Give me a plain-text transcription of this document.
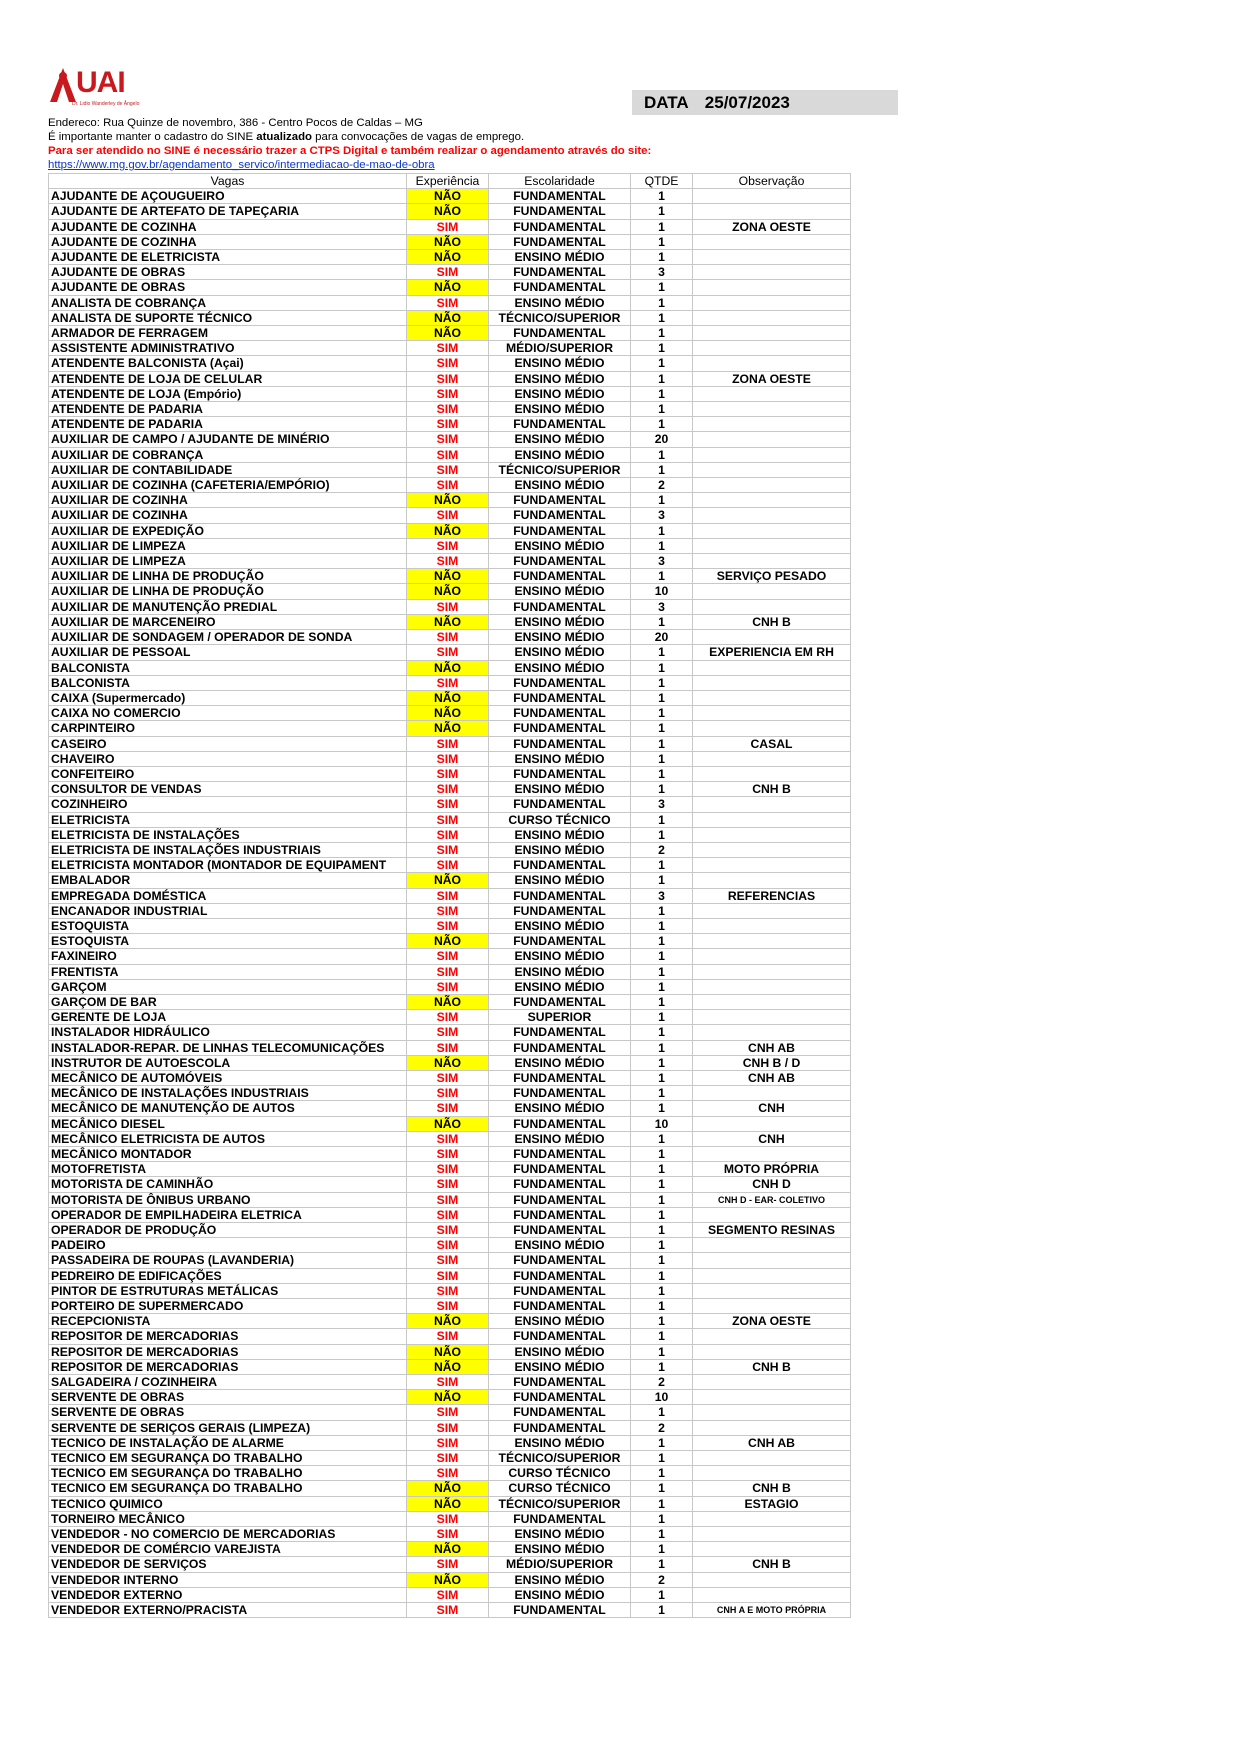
UAI
Dr. Lidio Wanderley de Ângelo	DATA 25/07/2023
Endereco: Rua Quinze de novembro, 386 - Centro Pocos de Caldas – MG
É importante manter o cadastro do SINE atualizado para convocações de vagas de emprego.
Para ser atendido no SINE é necessário trazer a CTPS Digital e também realizar o agendamento através do site:
https://www.mg.gov.br/agendamento_servico/intermediacao-de-mao-de-obra
Vagas	Experiência	Escolaridade	QTDE	Observação
AJUDANTE DE AÇOUGUEIRO	NÃO	FUNDAMENTAL	1	
AJUDANTE DE ARTEFATO DE TAPEÇARIA	NÃO	FUNDAMENTAL	1	
AJUDANTE DE COZINHA	SIM	FUNDAMENTAL	1	ZONA OESTE
AJUDANTE DE COZINHA	NÃO	FUNDAMENTAL	1	
AJUDANTE DE ELETRICISTA	NÃO	ENSINO MÉDIO	1	
AJUDANTE DE OBRAS	SIM	FUNDAMENTAL	3	
AJUDANTE DE OBRAS	NÃO	FUNDAMENTAL	1	
ANALISTA DE COBRANÇA	SIM	ENSINO MÉDIO	1	
ANALISTA DE SUPORTE TÉCNICO	NÃO	TÉCNICO/SUPERIOR	1	
ARMADOR DE FERRAGEM	NÃO	FUNDAMENTAL	1	
ASSISTENTE ADMINISTRATIVO	SIM	MÉDIO/SUPERIOR	1	
ATENDENTE BALCONISTA (Açai)	SIM	ENSINO MÉDIO	1	
ATENDENTE DE LOJA DE CELULAR	SIM	ENSINO MÉDIO	1	ZONA OESTE
ATENDENTE DE LOJA (Empório)	SIM	ENSINO MÉDIO	1	
ATENDENTE DE PADARIA	SIM	ENSINO MÉDIO	1	
ATENDENTE DE PADARIA	SIM	FUNDAMENTAL	1	
AUXILIAR DE CAMPO / AJUDANTE DE MINÉRIO	SIM	ENSINO MÉDIO	20	
AUXILIAR DE COBRANÇA	SIM	ENSINO MÉDIO	1	
AUXILIAR DE CONTABILIDADE	SIM	TÉCNICO/SUPERIOR	1	
AUXILIAR DE COZINHA (CAFETERIA/EMPÓRIO)	SIM	ENSINO MÉDIO	2	
AUXILIAR DE COZINHA	NÃO	FUNDAMENTAL	1	
AUXILIAR DE COZINHA	SIM	FUNDAMENTAL	3	
AUXILIAR DE EXPEDIÇÃO	NÃO	FUNDAMENTAL	1	
AUXILIAR DE LIMPEZA	SIM	ENSINO MÉDIO	1	
AUXILIAR DE LIMPEZA	SIM	FUNDAMENTAL	3	
AUXILIAR DE LINHA DE PRODUÇÃO	NÃO	FUNDAMENTAL	1	SERVIÇO PESADO
AUXILIAR DE LINHA DE PRODUÇÃO	NÃO	ENSINO MÉDIO	10	
AUXILIAR DE MANUTENÇÃO PREDIAL	SIM	FUNDAMENTAL	3	
AUXILIAR DE MARCENEIRO	NÃO	ENSINO MÉDIO	1	CNH B
AUXILIAR DE SONDAGEM / OPERADOR DE SONDA	SIM	ENSINO MÉDIO	20	
AUXILIAR DE PESSOAL	SIM	ENSINO MÉDIO	1	EXPERIENCIA EM RH
BALCONISTA	NÃO	ENSINO MÉDIO	1	
BALCONISTA	SIM	FUNDAMENTAL	1	
CAIXA (Supermercado)	NÃO	FUNDAMENTAL	1	
CAIXA NO COMERCIO	NÃO	FUNDAMENTAL	1	
CARPINTEIRO	NÃO	FUNDAMENTAL	1	
CASEIRO	SIM	FUNDAMENTAL	1	CASAL
CHAVEIRO	SIM	ENSINO MÉDIO	1	
CONFEITEIRO	SIM	FUNDAMENTAL	1	
CONSULTOR DE VENDAS	SIM	ENSINO MÉDIO	1	CNH B
COZINHEIRO	SIM	FUNDAMENTAL	3	
ELETRICISTA	SIM	CURSO TÉCNICO	1	
ELETRICISTA DE INSTALAÇÕES	SIM	ENSINO MÉDIO	1	
ELETRICISTA DE INSTALAÇÕES INDUSTRIAIS	SIM	ENSINO MÉDIO	2	
ELETRICISTA MONTADOR (MONTADOR DE EQUIPAMENT	SIM	FUNDAMENTAL	1	
EMBALADOR	NÃO	ENSINO MÉDIO	1	
EMPREGADA DOMÉSTICA	SIM	FUNDAMENTAL	3	REFERENCIAS
ENCANADOR INDUSTRIAL	SIM	FUNDAMENTAL	1	
ESTOQUISTA	SIM	ENSINO MÉDIO	1	
ESTOQUISTA	NÃO	FUNDAMENTAL	1	
FAXINEIRO	SIM	ENSINO MÉDIO	1	
FRENTISTA	SIM	ENSINO MÉDIO	1	
GARÇOM	SIM	ENSINO MÉDIO	1	
GARÇOM DE BAR	NÃO	FUNDAMENTAL	1	
GERENTE DE LOJA	SIM	SUPERIOR	1	
INSTALADOR HIDRÁULICO	SIM	FUNDAMENTAL	1	
INSTALADOR-REPAR. DE LINHAS TELECOMUNICAÇÕES	SIM	FUNDAMENTAL	1	CNH AB
INSTRUTOR DE AUTOESCOLA	NÃO	ENSINO MÉDIO	1	CNH B / D
MECÂNICO DE AUTOMÓVEIS	SIM	FUNDAMENTAL	1	CNH AB
MECÂNICO DE INSTALAÇÕES INDUSTRIAIS	SIM	FUNDAMENTAL	1	
MECÂNICO DE MANUTENÇÃO DE AUTOS	SIM	ENSINO MÉDIO	1	CNH
MECÂNICO DIESEL	NÃO	FUNDAMENTAL	10	
MECÂNICO ELETRICISTA DE AUTOS	SIM	ENSINO MÉDIO	1	CNH
MECÂNICO MONTADOR	SIM	FUNDAMENTAL	1	
MOTOFRETISTA	SIM	FUNDAMENTAL	1	MOTO PRÓPRIA
MOTORISTA DE CAMINHÃO	SIM	FUNDAMENTAL	1	CNH D
MOTORISTA DE ÔNIBUS URBANO	SIM	FUNDAMENTAL	1	CNH D - EAR- COLETIVO
OPERADOR DE EMPILHADEIRA ELETRICA	SIM	FUNDAMENTAL	1	
OPERADOR DE PRODUÇÃO	SIM	FUNDAMENTAL	1	SEGMENTO RESINAS
PADEIRO	SIM	ENSINO MÉDIO	1	
PASSADEIRA DE ROUPAS (LAVANDERIA)	SIM	FUNDAMENTAL	1	
PEDREIRO DE EDIFICAÇÕES	SIM	FUNDAMENTAL	1	
PINTOR DE ESTRUTURAS METÁLICAS	SIM	FUNDAMENTAL	1	
PORTEIRO DE SUPERMERCADO	SIM	FUNDAMENTAL	1	
RECEPCIONISTA	NÃO	ENSINO MÉDIO	1	ZONA OESTE
REPOSITOR DE MERCADORIAS	SIM	FUNDAMENTAL	1	
REPOSITOR DE MERCADORIAS	NÃO	ENSINO MÉDIO	1	
REPOSITOR DE MERCADORIAS	NÃO	ENSINO MÉDIO	1	CNH B
SALGADEIRA / COZINHEIRA	SIM	FUNDAMENTAL	2	
SERVENTE DE OBRAS	NÃO	FUNDAMENTAL	10	
SERVENTE DE OBRAS	SIM	FUNDAMENTAL	1	
SERVENTE DE SERIÇOS GERAIS (LIMPEZA)	SIM	FUNDAMENTAL	2	
TECNICO DE INSTALAÇÃO DE ALARME	SIM	ENSINO MÉDIO	1	CNH AB
TECNICO EM SEGURANÇA DO TRABALHO	SIM	TÉCNICO/SUPERIOR	1	
TECNICO EM SEGURANÇA DO TRABALHO	SIM	CURSO TÉCNICO	1	
TECNICO EM SEGURANÇA DO TRABALHO	NÃO	CURSO TÉCNICO	1	CNH B
TECNICO QUIMICO	NÃO	TÉCNICO/SUPERIOR	1	ESTAGIO
TORNEIRO MECÂNICO	SIM	FUNDAMENTAL	1	
VENDEDOR - NO COMERCIO DE MERCADORIAS	SIM	ENSINO MÉDIO	1	
VENDEDOR DE COMÉRCIO VAREJISTA	NÃO	ENSINO MÉDIO	1	
VENDEDOR DE SERVIÇOS	SIM	MÉDIO/SUPERIOR	1	CNH B
VENDEDOR INTERNO	NÃO	ENSINO MÉDIO	2	
VENDEDOR EXTERNO	SIM	ENSINO MÉDIO	1	
VENDEDOR EXTERNO/PRACISTA	SIM	FUNDAMENTAL	1	CNH A E MOTO PRÓPRIA
